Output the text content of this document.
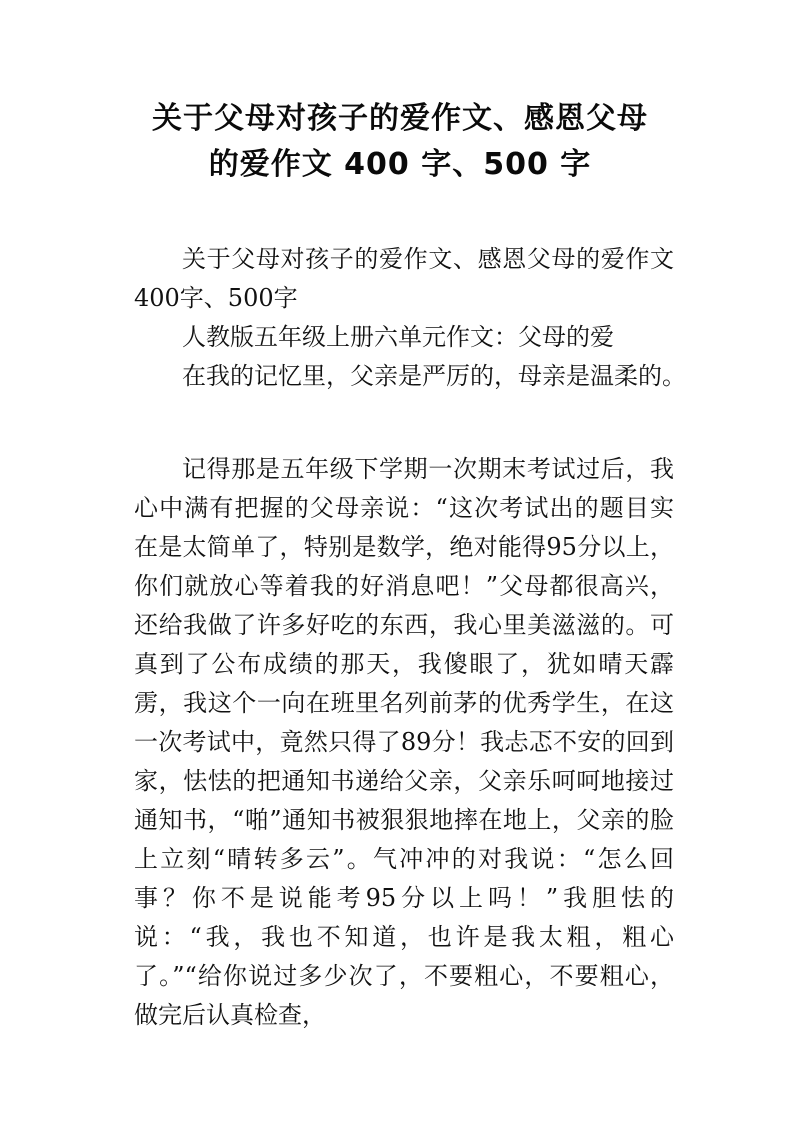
关于父母对孩子的爱作文、感恩父母
的爱作文 400 字、500 字

关于父母对孩子的爱作文、感恩父母的爱作文400字、500字

人教版五年级上册六单元作文：父母的爱

在我的记忆里，父亲是严厉的，母亲是温柔的。

记得那是五年级下学期一次期末考试过后，我心中满有把握的父母亲说：“这次考试出的题目实在是太简单了，特别是数学，绝对能得95分以上，你们就放心等着我的好消息吧！”父母都很高兴，还给我做了许多好吃的东西，我心里美滋滋的。可真到了公布成绩的那天，我傻眼了，犹如晴天霹雳，我这个一向在班里名列前茅的优秀学生，在这一次考试中，竟然只得了89分！我忐忑不安的回到家，怯怯的把通知书递给父亲，父亲乐呵呵地接过通知书，“啪”通知书被狠狠地摔在地上，父亲的脸上立刻“晴转多云”。气冲冲的对我说：“怎么回事？你不是说能考95分以上吗！”我胆怯的说：“我，我也不知道，也许是我太粗，粗心了。”“给你说过多少次了，不要粗心，不要粗心，做完后认真检查，
